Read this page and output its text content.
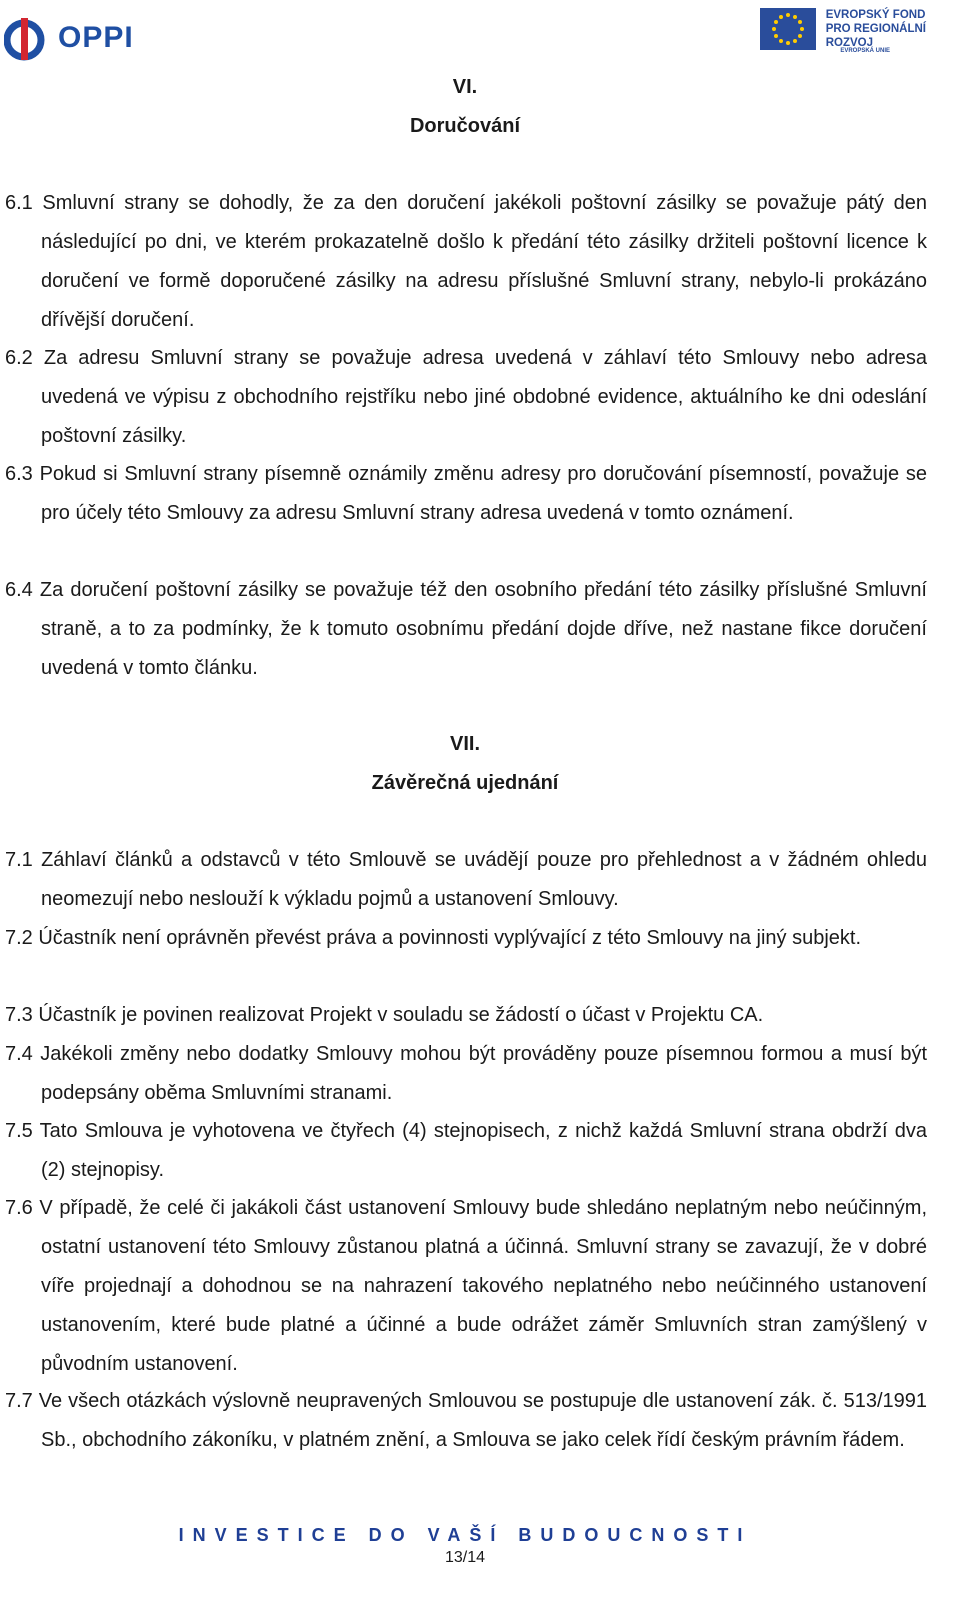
OPPI
EVROPSKÝ FOND
PRO REGIONÁLNÍ
ROZVOJ
EVROPSKÁ UNIE
VI.
Doručování
6.1 Smluvní strany se dohodly, že za den doručení jakékoli poštovní zásilky se považuje pátý den následující po dni, ve kterém prokazatelně došlo k předání této zásilky držiteli poštovní licence k doručení ve formě doporučené zásilky na adresu příslušné Smluvní strany, nebylo-li prokázáno dřívější doručení.
6.2 Za adresu Smluvní strany se považuje adresa uvedená v záhlaví této Smlouvy nebo adresa uvedená ve výpisu z obchodního rejstříku nebo jiné obdobné evidence, aktuálního ke dni odeslání poštovní zásilky.
6.3 Pokud si Smluvní strany písemně oznámily změnu adresy pro doručování písemností, považuje se pro účely této Smlouvy za adresu Smluvní strany adresa uvedená v tomto oznámení.
6.4 Za doručení poštovní zásilky se považuje též den osobního předání této zásilky příslušné Smluvní straně, a to za podmínky, že k tomuto osobnímu předání dojde dříve, než nastane fikce doručení uvedená v tomto článku.
VII.
Závěrečná ujednání
7.1 Záhlaví článků a odstavců v této Smlouvě se uvádějí pouze pro přehlednost a v žádném ohledu neomezují nebo neslouží k výkladu pojmů a ustanovení Smlouvy.
7.2 Účastník není oprávněn převést práva a povinnosti vyplývající z této Smlouvy na jiný subjekt.
7.3 Účastník je povinen realizovat Projekt v souladu se žádostí o účast v Projektu CA.
7.4 Jakékoli změny nebo dodatky Smlouvy mohou být prováděny pouze písemnou formou a musí být podepsány oběma Smluvními stranami.
7.5 Tato Smlouva je vyhotovena ve čtyřech (4) stejnopisech, z nichž každá Smluvní strana obdrží dva (2) stejnopisy.
7.6 V případě, že celé či jakákoli část ustanovení Smlouvy bude shledáno neplatným nebo neúčinným, ostatní ustanovení této Smlouvy zůstanou platná a účinná. Smluvní strany se zavazují, že v dobré víře projednají a dohodnou se na nahrazení takového neplatného nebo neúčinného ustanovení ustanovením, které bude platné a účinné a bude odrážet záměr Smluvních stran zamýšlený v původním ustanovení.
7.7 Ve všech otázkách výslovně neupravených Smlouvou se postupuje dle ustanovení zák. č. 513/1991 Sb., obchodního zákoníku, v platném znění, a Smlouva se jako celek řídí českým právním řádem.
INVESTICE DO VAŠÍ BUDOUCNOSTI
13/14
